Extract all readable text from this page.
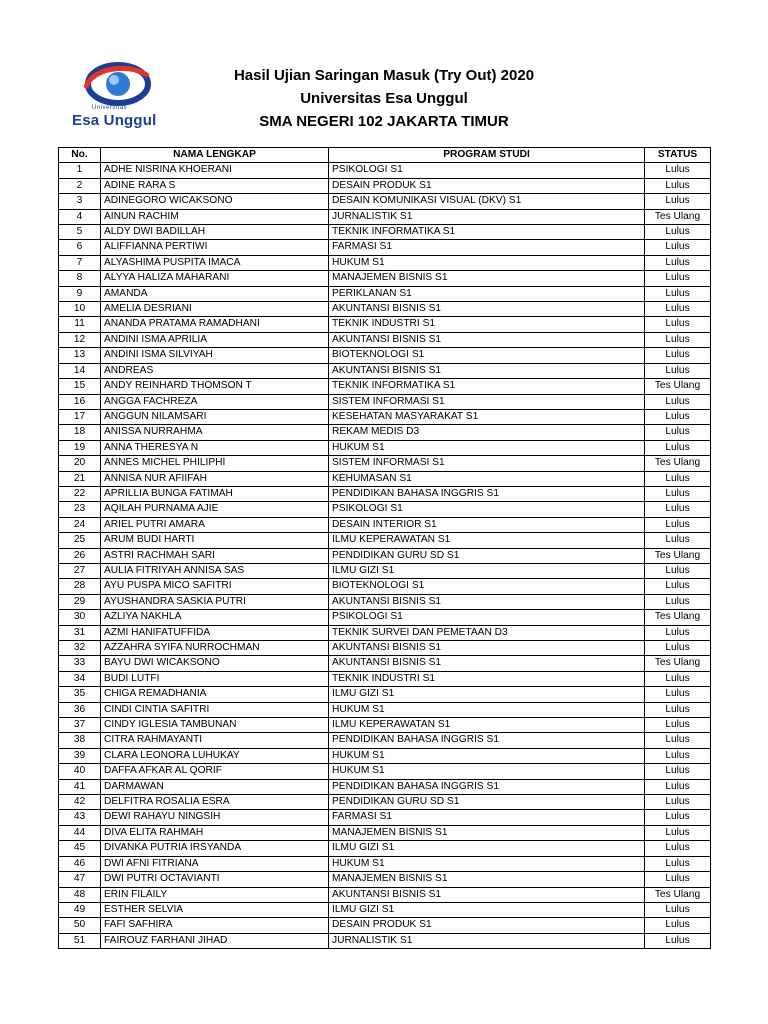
Universitas
Esa Unggul
Hasil Ujian Saringan Masuk (Try Out) 2020
Universitas Esa Unggul
SMA NEGERI 102 JAKARTA TIMUR
No.	NAMA LENGKAP	PROGRAM STUDI	STATUS
1	ADHE NISRINA KHOERANI	PSIKOLOGI S1	Lulus
2	ADINE RARA S	DESAIN PRODUK S1	Lulus
3	ADINEGORO WICAKSONO	DESAIN KOMUNIKASI VISUAL (DKV) S1	Lulus
4	AINUN RACHIM	JURNALISTIK S1	Tes Ulang
5	ALDY DWI BADILLAH	TEKNIK INFORMATIKA S1	Lulus
6	ALIFFIANNA PERTIWI	FARMASI S1	Lulus
7	ALYASHIMA PUSPITA IMACA	HUKUM S1	Lulus
8	ALYYA HALIZA MAHARANI	MANAJEMEN BISNIS S1	Lulus
9	AMANDA	PERIKLANAN S1	Lulus
10	AMELIA DESRIANI	AKUNTANSI BISNIS S1	Lulus
11	ANANDA PRATAMA RAMADHANI	TEKNIK INDUSTRI S1	Lulus
12	ANDINI ISMA APRILIA	AKUNTANSI BISNIS S1	Lulus
13	ANDINI ISMA SILVIYAH	BIOTEKNOLOGI S1	Lulus
14	ANDREAS	AKUNTANSI BISNIS S1	Lulus
15	ANDY REINHARD THOMSON T	TEKNIK INFORMATIKA S1	Tes Ulang
16	ANGGA FACHREZA	SISTEM INFORMASI S1	Lulus
17	ANGGUN NILAMSARI	KESEHATAN MASYARAKAT S1	Lulus
18	ANISSA NURRAHMA	REKAM MEDIS D3	Lulus
19	ANNA THERESYA N	HUKUM S1	Lulus
20	ANNES MICHEL PHILIPHI	SISTEM INFORMASI S1	Tes Ulang
21	ANNISA NUR AFIIFAH	KEHUMASAN S1	Lulus
22	APRILLIA BUNGA FATIMAH	PENDIDIKAN BAHASA INGGRIS S1	Lulus
23	AQILAH PURNAMA AJIE	PSIKOLOGI S1	Lulus
24	ARIEL PUTRI AMARA	DESAIN INTERIOR S1	Lulus
25	ARUM BUDI HARTI	ILMU KEPERAWATAN S1	Lulus
26	ASTRI RACHMAH SARI	PENDIDIKAN GURU SD S1	Tes Ulang
27	AULIA FITRIYAH ANNISA SAS	ILMU GIZI S1	Lulus
28	AYU PUSPA MICO SAFITRI	BIOTEKNOLOGI S1	Lulus
29	AYUSHANDRA SASKIA PUTRI	AKUNTANSI BISNIS S1	Lulus
30	AZLIYA NAKHLA	PSIKOLOGI S1	Tes Ulang
31	AZMI HANIFATUFFIDA	TEKNIK SURVEI DAN PEMETAAN D3	Lulus
32	AZZAHRA SYIFA NURROCHMAN	AKUNTANSI BISNIS S1	Lulus
33	BAYU DWI WICAKSONO	AKUNTANSI BISNIS S1	Tes Ulang
34	BUDI LUTFI	TEKNIK INDUSTRI S1	Lulus
35	CHIGA REMADHANIA	ILMU GIZI S1	Lulus
36	CINDI CINTIA SAFITRI	HUKUM S1	Lulus
37	CINDY IGLESIA TAMBUNAN	ILMU KEPERAWATAN S1	Lulus
38	CITRA RAHMAYANTI	PENDIDIKAN BAHASA INGGRIS S1	Lulus
39	CLARA LEONORA LUHUKAY	HUKUM S1	Lulus
40	DAFFA AFKAR AL QORIF	HUKUM S1	Lulus
41	DARMAWAN	PENDIDIKAN BAHASA INGGRIS S1	Lulus
42	DELFITRA ROSALIA ESRA	PENDIDIKAN GURU SD S1	Lulus
43	DEWI RAHAYU NINGSIH	FARMASI S1	Lulus
44	DIVA ELITA RAHMAH	MANAJEMEN BISNIS S1	Lulus
45	DIVANKA PUTRIA IRSYANDA	ILMU GIZI S1	Lulus
46	DWI AFNI FITRIANA	HUKUM S1	Lulus
47	DWI PUTRI OCTAVIANTI	MANAJEMEN BISNIS S1	Lulus
48	ERIN FILAILY	AKUNTANSI BISNIS S1	Tes Ulang
49	ESTHER SELVIA	ILMU GIZI S1	Lulus
50	FAFI SAFHIRA	DESAIN PRODUK S1	Lulus
51	FAIROUZ FARHANI JIHAD	JURNALISTIK S1	Lulus
